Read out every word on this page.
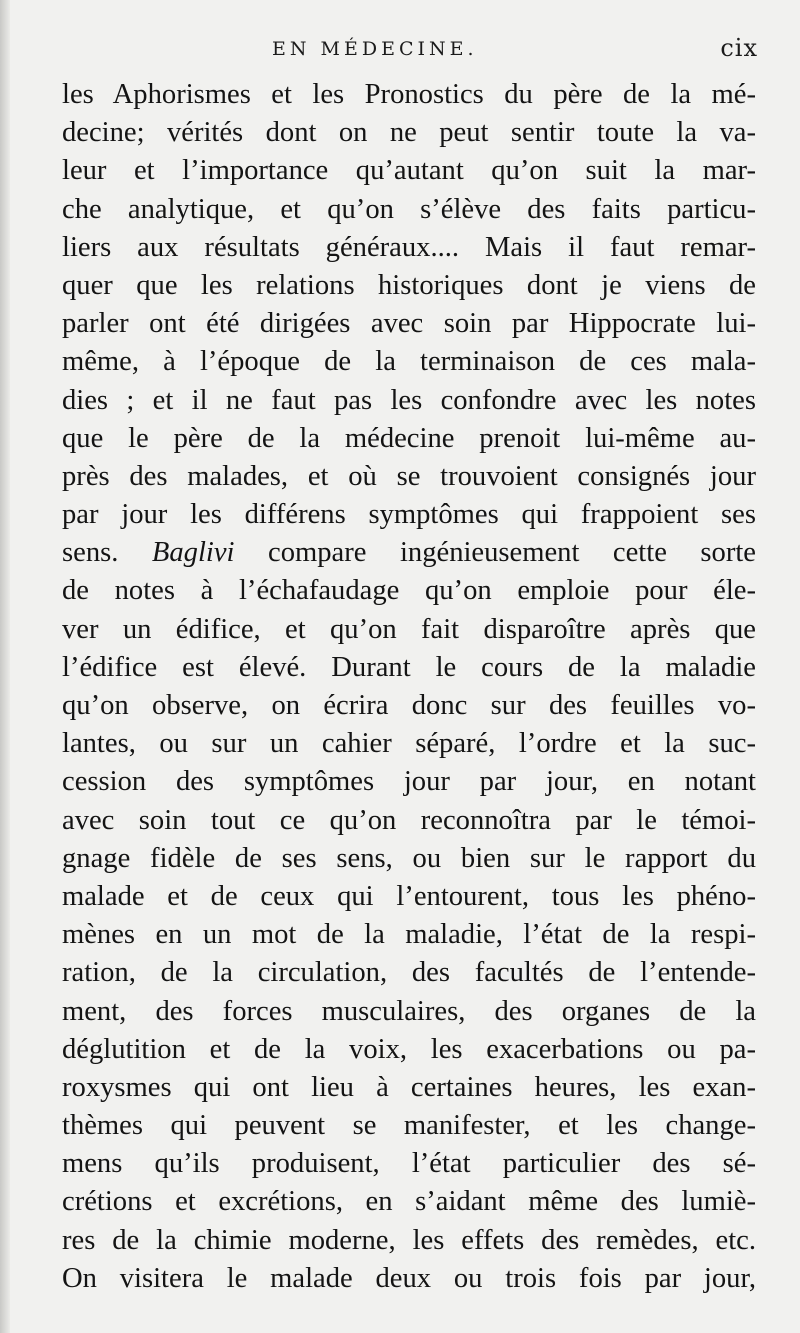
EN MÉDECINE.	cix
les Aphorismes et les Pronostics du père de la mé-
decine; vérités dont on ne peut sentir toute la va-
leur et l’importance qu’autant qu’on suit la mar-
che analytique, et qu’on s’élève des faits particu-
liers aux résultats généraux.... Mais il faut remar-
quer que les relations historiques dont je viens de
parler ont été dirigées avec soin par Hippocrate lui-
même, à l’époque de la terminaison de ces mala-
dies ; et il ne faut pas les confondre avec les notes
que le père de la médecine prenoit lui-même au-
près des malades, et où se trouvoient consignés jour
par jour les différens symptômes qui frappoient ses
sens. Baglivi compare ingénieusement cette sorte
de notes à l’échafaudage qu’on emploie pour éle-
ver un édifice, et qu’on fait disparoître après que
l’édifice est élevé. Durant le cours de la maladie
qu’on observe, on écrira donc sur des feuilles vo-
lantes, ou sur un cahier séparé, l’ordre et la suc-
cession des symptômes jour par jour, en notant
avec soin tout ce qu’on reconnoîtra par le témoi-
gnage fidèle de ses sens, ou bien sur le rapport du
malade et de ceux qui l’entourent, tous les phéno-
mènes en un mot de la maladie, l’état de la respi-
ration, de la circulation, des facultés de l’entende-
ment, des forces musculaires, des organes de la
déglutition et de la voix, les exacerbations ou pa-
roxysmes qui ont lieu à certaines heures, les exan-
thèmes qui peuvent se manifester, et les change-
mens qu’ils produisent, l’état particulier des sé-
crétions et excrétions, en s’aidant même des lumiè-
res de la chimie moderne, les effets des remèdes, etc.
On visitera le malade deux ou trois fois par jour,
